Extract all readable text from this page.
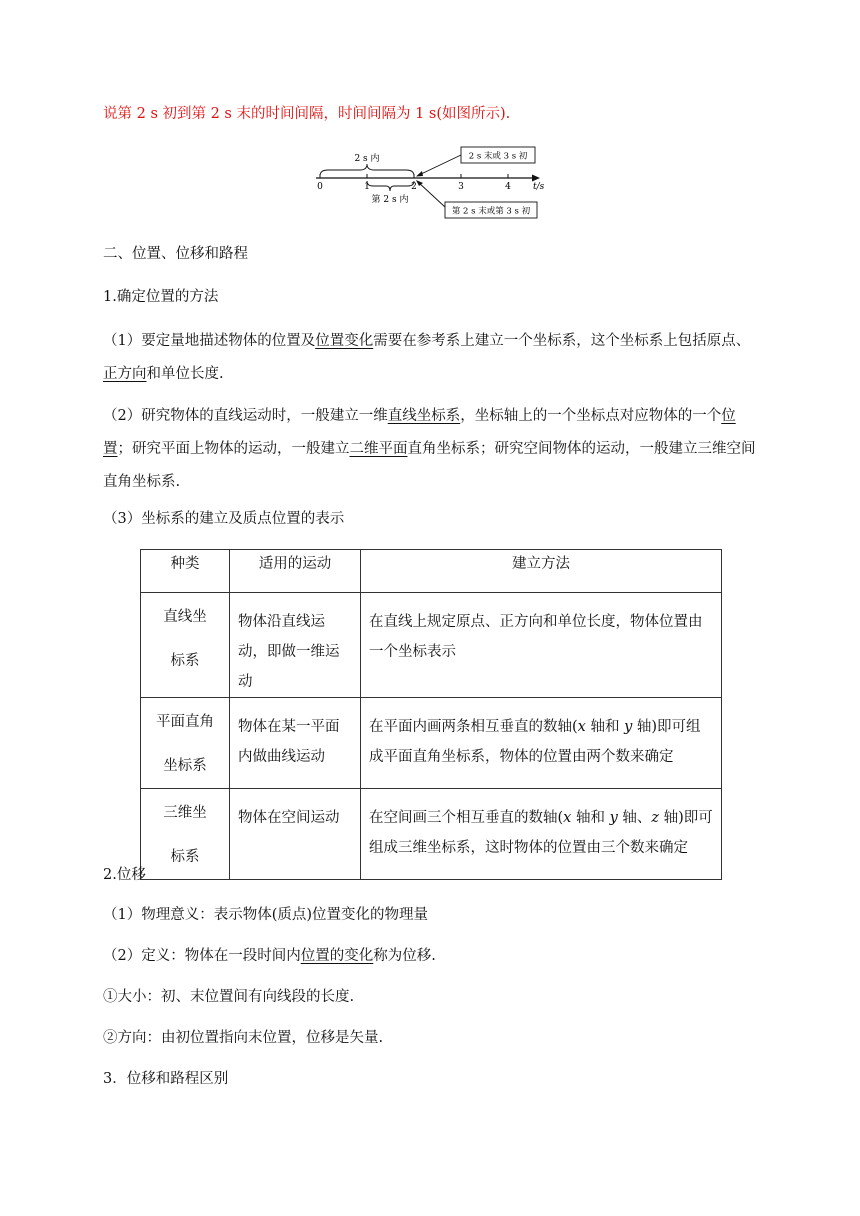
说第 2 s 初到第 2 s 末的时间间隔，时间间隔为 1 s(如图所示).
0	1	2	3	4 t/s
2 s 内
第 2 s 内
2 s 末或 3 s 初
第 2 s 末或第 3 s 初
二、位置、位移和路程
1.确定位置的方法
（1）要定量地描述物体的位置及位置变化需要在参考系上建立一个坐标系，这个坐标系上包括原点、正方向和单位长度.
（2）研究物体的直线运动时，一般建立一维直线坐标系，坐标轴上的一个坐标点对应物体的一个位置；研究平面上物体的运动，一般建立二维平面直角坐标系；研究空间物体的运动，一般建立三维空间直角坐标系.
（3）坐标系的建立及质点位置的表示
种类	适用的运动	建立方法
直线坐
标系	物体沿直线运动，即做一维运动	在直线上规定原点、正方向和单位长度，物体位置由一个坐标表示
平面直角
坐标系	物体在某一平面内做曲线运动	在平面内画两条相互垂直的数轴(x 轴和 y 轴)即可组成平面直角坐标系，物体的位置由两个数来确定
三维坐
标系	物体在空间运动	在空间画三个相互垂直的数轴(x 轴和 y 轴、z 轴)即可组成三维坐标系，这时物体的位置由三个数来确定
2.位移
（1）物理意义：表示物体(质点)位置变化的物理量
（2）定义：物体在一段时间内位置的变化称为位移.
①大小：初、末位置间有向线段的长度.
②方向：由初位置指向末位置，位移是矢量.
3．位移和路程区别
